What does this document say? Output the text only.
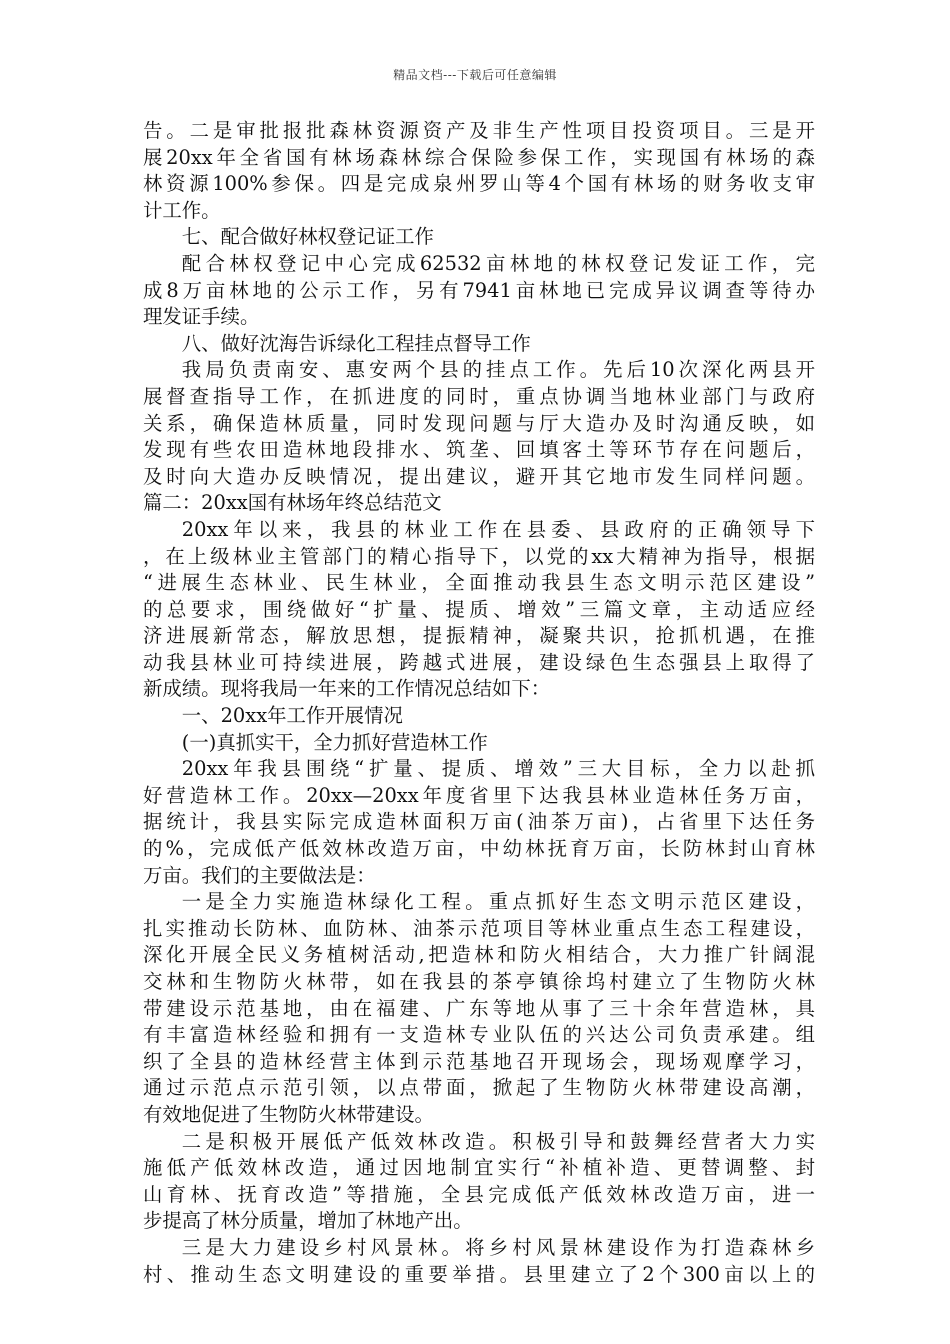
精品文档---下载后可任意编辑
告。二是审批报批森林资源资产及非生产性项目投资项目。三是开
展20xx年全省国有林场森林综合保险参保工作，实现国有林场的森
林资源100%参保。四是完成泉州罗山等4个国有林场的财务收支审
计工作。
七、配合做好林权登记证工作
配合林权登记中心完成62532亩林地的林权登记发证工作，完
成8万亩林地的公示工作，另有7941亩林地已完成异议调查等待办
理发证手续。
八、做好沈海告诉绿化工程挂点督导工作
我局负责南安、惠安两个县的挂点工作。先后10次深化两县开
展督查指导工作，在抓进度的同时，重点协调当地林业部门与政府
关系，确保造林质量，同时发现问题与厅大造办及时沟通反映，如
发现有些农田造林地段排水、筑垄、回填客土等环节存在问题后，
及时向大造办反映情况，提出建议，避开其它地市发生同样问题。
篇二：20xx国有林场年终总结范文
20xx年以来，我县的林业工作在县委、县政府的正确领导下
，在上级林业主管部门的精心指导下，以党的xx大精神为指导，根据
“进展生态林业、民生林业，全面推动我县生态文明示范区建设”
的总要求，围绕做好“扩量、提质、增效”三篇文章，主动适应经
济进展新常态，解放思想，提振精神，凝聚共识，抢抓机遇，在推
动我县林业可持续进展，跨越式进展，建设绿色生态强县上取得了
新成绩。现将我局一年来的工作情况总结如下：
一、20xx年工作开展情况
(一)真抓实干，全力抓好营造林工作
20xx年我县围绕“扩量、提质、增效”三大目标，全力以赴抓
好营造林工作。20xx—20xx年度省里下达我县林业造林任务万亩，
据统计，我县实际完成造林面积万亩(油茶万亩)，占省里下达任务
的%，完成低产低效林改造万亩，中幼林抚育万亩，长防林封山育林
万亩。我们的主要做法是：
一是全力实施造林绿化工程。重点抓好生态文明示范区建设，
扎实推动长防林、血防林、油茶示范项目等林业重点生态工程建设，
深化开展全民义务植树活动,把造林和防火相结合，大力推广针阔混
交林和生物防火林带，如在我县的茶亭镇徐坞村建立了生物防火林
带建设示范基地，由在福建、广东等地从事了三十余年营造林，具
有丰富造林经验和拥有一支造林专业队伍的兴达公司负责承建。组
织了全县的造林经营主体到示范基地召开现场会，现场观摩学习，
通过示范点示范引领，以点带面，掀起了生物防火林带建设高潮，
有效地促进了生物防火林带建设。
二是积极开展低产低效林改造。积极引导和鼓舞经营者大力实
施低产低效林改造，通过因地制宜实行“补植补造、更替调整、封
山育林、抚育改造”等措施，全县完成低产低效林改造万亩，进一
步提高了林分质量，增加了林地产出。
三是大力建设乡村风景林。将乡村风景林建设作为打造森林乡
村、推动生态文明建设的重要举措。县里建立了2个300亩以上的
